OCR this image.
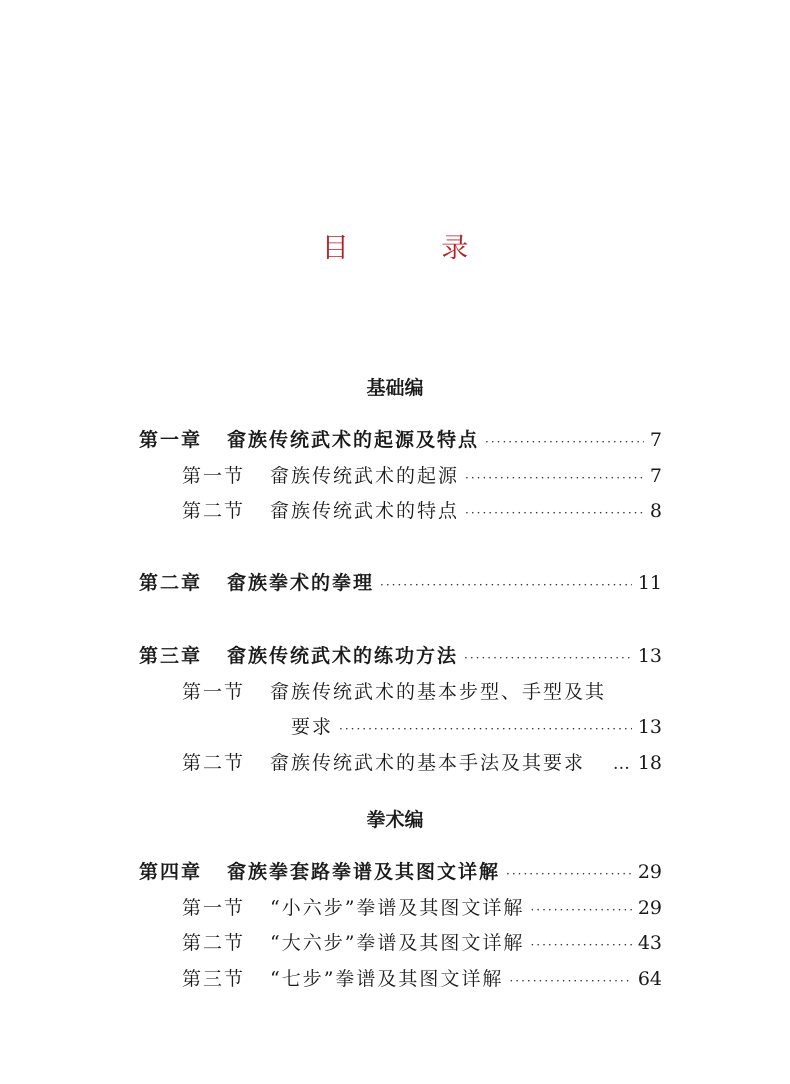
目 录
基础编
第一章	畲族传统武术的起源及特点 ·····	7
第一节	畲族传统武术的起源 ·····	7
第二节	畲族传统武术的特点 ·····	8
第二章	畲族拳术的拳理 ·····	11
第三章	畲族传统武术的练功方法 ·····	13
第一节	畲族传统武术的基本步型、手型及其
要求 ·····	13
第二节	畲族传统武术的基本手法及其要求	… 18
拳术编
第四章	畲族拳套路拳谱及其图文详解 ·····	29
第一节	“小六步”拳谱及其图文详解 ·····	29
第二节	“大六步”拳谱及其图文详解 ·····	43
第三节	“七步”拳谱及其图文详解 ·····	64
